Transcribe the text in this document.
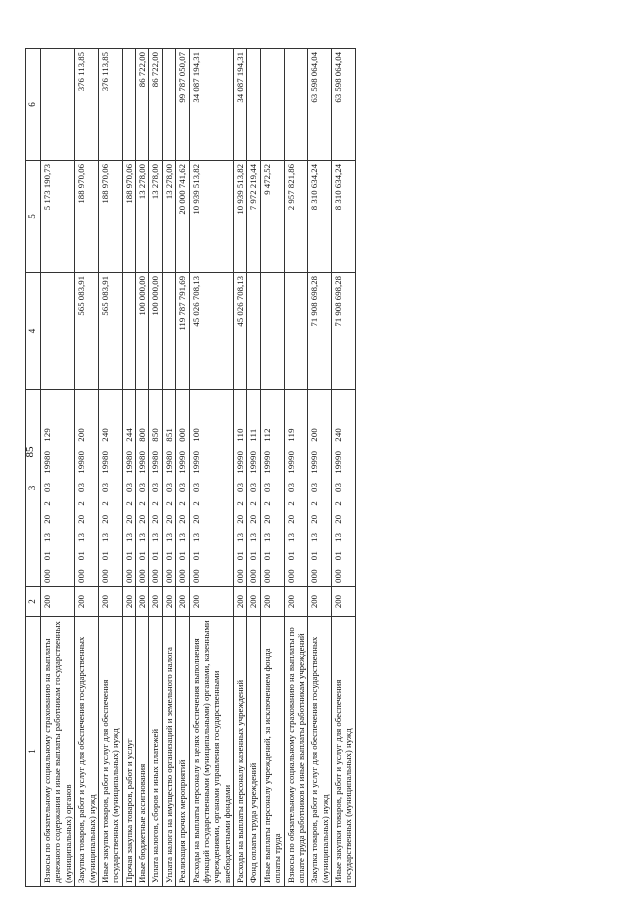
85
1	2	3	4	5	6
Взносы по обязательному социальному страхованию на выплаты денежного содержания и иные выплаты работникам государственных (муниципальных) органов	200	00001132020319980129		5 173 190,73	
Закупка товаров, работ и услуг для обеспечения государственных (муниципальных) нужд	200	00001132020319980200	565 083,91	188 970,06	376 113,85
Иные закупки товаров, работ и услуг для обеспечения государственных (муниципальных) нужд	200	00001132020319980240	565 083,91	188 970,06	376 113,85
Прочая закупка товаров, работ и услуг	200	00001132020319980244		188 970,06	
Иные бюджетные ассигнования	200	00001132020319980800	100 000,00	13 278,00	86 722,00
Уплата налогов, сборов и иных платежей	200	00001132020319980850	100 000,00	13 278,00	86 722,00
Уплата налога на имущество организаций и земельного налога	200	00001132020319980851		13 278,00	
Реализация прочих мероприятий	200	00001132020319990000	119 787 791,69	20 000 741,62	99 787 050,07
Расходы на выплаты персоналу в целях обеспечения выполнения функций государственными (муниципальными) органами, казенными учреждениями, органами управления государственными внебюджетными фондами	200	00001132020319990100	45 026 708,13	10 939 513,82	34 087 194,31
Расходы на выплаты персоналу казенных учреждений	200	00001132020319990110	45 026 708,13	10 939 513,82	34 087 194,31
Фонд оплаты труда учреждений	200	00001132020319990111		7 972 219,44	
Иные выплаты персоналу учреждений, за исключением фонда оплаты труда	200	00001132020319990112		9 472,52	
Взносы по обязательному социальному страхованию на выплаты по оплате труда работников и иные выплаты работникам учреждений	200	00001132020319990119		2 957 821,86	
Закупка товаров, работ и услуг для обеспечения государственных (муниципальных) нужд	200	00001132020319990200	71 908 698,28	8 310 634,24	63 598 064,04
Иные закупки товаров, работ и услуг для обеспечения государственных (муниципальных) нужд	200	00001132020319990240	71 908 698,28	8 310 634,24	63 598 064,04
